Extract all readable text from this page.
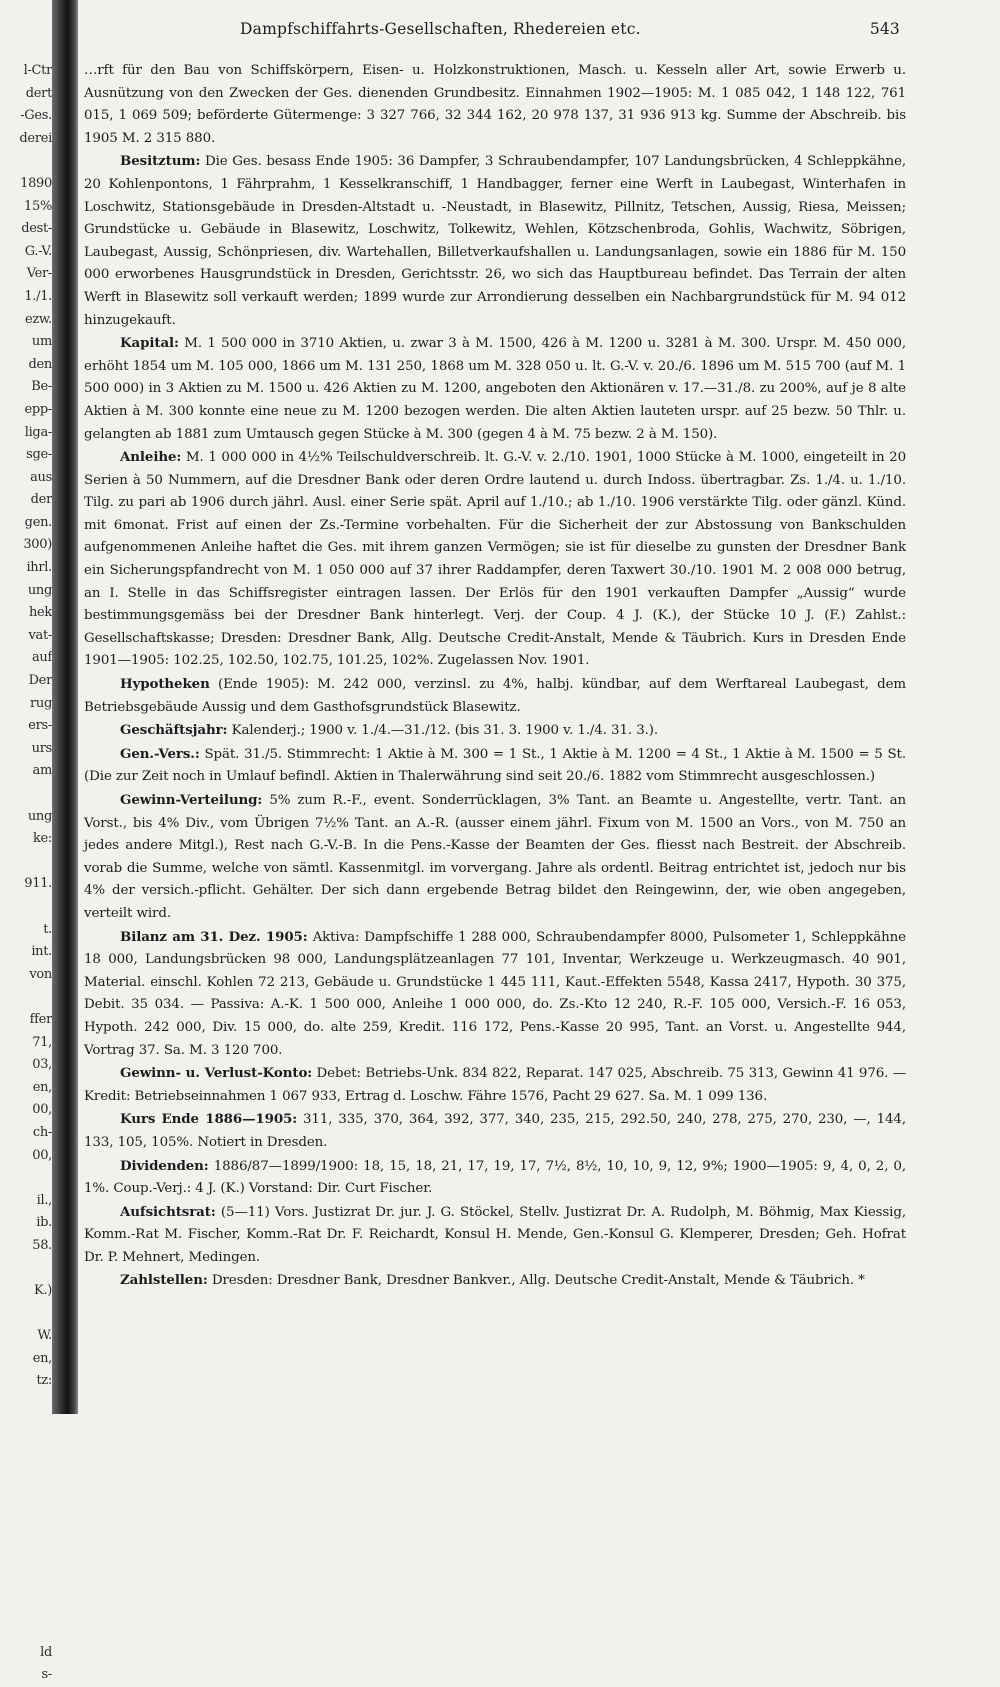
l-Ctr
dert
-Ges.
derei
1890
15%
dest-
G.-V.
Ver-
1./1.
ezw.
um
den
Be-
epp-
liga-
sge-
aus
der
gen.
300)
ihrl.
ung
hek
vat-
auf
Der
rug
ers-
urs
am
ung
ke:
911.
t.
int.
von
ffer
71,
03,
en,
00,
ch-
00,
il.,
ib.
58.
K.)
W.
en,
tz:
ld
s-
Dampfschiffahrts-Gesellschaften, Rhedereien etc.	543

…rft für den Bau von Schiffskörpern, Eisen- u. Holzkonstruktionen, Masch. u. Kesseln aller Art, sowie Erwerb u. Ausnützung von den Zwecken der Ges. dienenden Grundbesitz. Einnahmen 1902—1905: M. 1 085 042, 1 148 122, 761 015, 1 069 509; beförderte Gütermenge: 3 327 766, 32 344 162, 20 978 137, 31 936 913 kg. Summe der Abschreib. bis 1905 M. 2 315 880.

Besitztum: Die Ges. besass Ende 1905: 36 Dampfer, 3 Schraubendampfer, 107 Landungsbrücken, 4 Schleppkähne, 20 Kohlenpontons, 1 Fährprahm, 1 Kesselkranschiff, 1 Handbagger, ferner eine Werft in Laubegast, Winterhafen in Loschwitz, Stationsgebäude in Dresden-Altstadt u. -Neustadt, in Blasewitz, Pillnitz, Tetschen, Aussig, Riesa, Meissen; Grundstücke u. Gebäude in Blasewitz, Loschwitz, Tolkewitz, Wehlen, Kötzschenbroda, Gohlis, Wachwitz, Söbrigen, Laubegast, Aussig, Schönpriesen, div. Wartehallen, Billetverkaufshallen u. Landungsanlagen, sowie ein 1886 für M. 150 000 erworbenes Hausgrundstück in Dresden, Gerichtsstr. 26, wo sich das Hauptbureau befindet. Das Terrain der alten Werft in Blasewitz soll verkauft werden; 1899 wurde zur Arrondierung desselben ein Nachbargrundstück für M. 94 012 hinzugekauft.

Kapital: M. 1 500 000 in 3710 Aktien, u. zwar 3 à M. 1500, 426 à M. 1200 u. 3281 à M. 300. Urspr. M. 450 000, erhöht 1854 um M. 105 000, 1866 um M. 131 250, 1868 um M. 328 050 u. lt. G.-V. v. 20./6. 1896 um M. 515 700 (auf M. 1 500 000) in 3 Aktien zu M. 1500 u. 426 Aktien zu M. 1200, angeboten den Aktionären v. 17.—31./8. zu 200%, auf je 8 alte Aktien à M. 300 konnte eine neue zu M. 1200 bezogen werden. Die alten Aktien lauteten urspr. auf 25 bezw. 50 Thlr. u. gelangten ab 1881 zum Umtausch gegen Stücke à M. 300 (gegen 4 à M. 75 bezw. 2 à M. 150).

Anleihe: M. 1 000 000 in 4½% Teilschuldverschreib. lt. G.-V. v. 2./10. 1901, 1000 Stücke à M. 1000, eingeteilt in 20 Serien à 50 Nummern, auf die Dresdner Bank oder deren Ordre lautend u. durch Indoss. übertragbar. Zs. 1./4. u. 1./10. Tilg. zu pari ab 1906 durch jährl. Ausl. einer Serie spät. April auf 1./10.; ab 1./10. 1906 verstärkte Tilg. oder gänzl. Künd. mit 6monat. Frist auf einen der Zs.-Termine vorbehalten. Für die Sicherheit der zur Abstossung von Bankschulden aufgenommenen Anleihe haftet die Ges. mit ihrem ganzen Vermögen; sie ist für dieselbe zu gunsten der Dresdner Bank ein Sicherungspfandrecht von M. 1 050 000 auf 37 ihrer Raddampfer, deren Taxwert 30./10. 1901 M. 2 008 000 betrug, an I. Stelle in das Schiffsregister eintragen lassen. Der Erlös für den 1901 verkauften Dampfer „Aussig“ wurde bestimmungsgemäss bei der Dresdner Bank hinterlegt. Verj. der Coup. 4 J. (K.), der Stücke 10 J. (F.) Zahlst.: Gesellschaftskasse; Dresden: Dresdner Bank, Allg. Deutsche Credit-Anstalt, Mende & Täubrich. Kurs in Dresden Ende 1901—1905: 102.25, 102.50, 102.75, 101.25, 102%. Zugelassen Nov. 1901.

Hypotheken (Ende 1905): M. 242 000, verzinsl. zu 4%, halbj. kündbar, auf dem Werftareal Laubegast, dem Betriebsgebäude Aussig und dem Gasthofsgrundstück Blasewitz.

Geschäftsjahr: Kalenderj.; 1900 v. 1./4.—31./12. (bis 31. 3. 1900 v. 1./4. 31. 3.).

Gen.-Vers.: Spät. 31./5. Stimmrecht: 1 Aktie à M. 300 = 1 St., 1 Aktie à M. 1200 = 4 St., 1 Aktie à M. 1500 = 5 St. (Die zur Zeit noch in Umlauf befindl. Aktien in Thalerwährung sind seit 20./6. 1882 vom Stimmrecht ausgeschlossen.)

Gewinn-Verteilung: 5% zum R.-F., event. Sonderrücklagen, 3% Tant. an Beamte u. Angestellte, vertr. Tant. an Vorst., bis 4% Div., vom Übrigen 7½% Tant. an A.-R. (ausser einem jährl. Fixum von M. 1500 an Vors., von M. 750 an jedes andere Mitgl.), Rest nach G.-V.-B. In die Pens.-Kasse der Beamten der Ges. fliesst nach Bestreit. der Abschreib. vorab die Summe, welche von sämtl. Kassenmitgl. im vorvergang. Jahre als ordentl. Beitrag entrichtet ist, jedoch nur bis 4% der versich.-pflicht. Gehälter. Der sich dann ergebende Betrag bildet den Reingewinn, der, wie oben angegeben, verteilt wird.

Bilanz am 31. Dez. 1905: Aktiva: Dampfschiffe 1 288 000, Schraubendampfer 8000, Pulsometer 1, Schleppkähne 18 000, Landungsbrücken 98 000, Landungsplätzeanlagen 77 101, Inventar, Werkzeuge u. Werkzeugmasch. 40 901, Material. einschl. Kohlen 72 213, Gebäude u. Grundstücke 1 445 111, Kaut.-Effekten 5548, Kassa 2417, Hypoth. 30 375, Debit. 35 034. — Passiva: A.-K. 1 500 000, Anleihe 1 000 000, do. Zs.-Kto 12 240, R.-F. 105 000, Versich.-F. 16 053, Hypoth. 242 000, Div. 15 000, do. alte 259, Kredit. 116 172, Pens.-Kasse 20 995, Tant. an Vorst. u. Angestellte 944, Vortrag 37. Sa. M. 3 120 700.

Gewinn- u. Verlust-Konto: Debet: Betriebs-Unk. 834 822, Reparat. 147 025, Abschreib. 75 313, Gewinn 41 976. — Kredit: Betriebseinnahmen 1 067 933, Ertrag d. Loschw. Fähre 1576, Pacht 29 627. Sa. M. 1 099 136.

Kurs Ende 1886—1905: 311, 335, 370, 364, 392, 377, 340, 235, 215, 292.50, 240, 278, 275, 270, 230, —, 144, 133, 105, 105%. Notiert in Dresden.

Dividenden: 1886/87—1899/1900: 18, 15, 18, 21, 17, 19, 17, 7½, 8½, 10, 10, 9, 12, 9%; 1900—1905: 9, 4, 0, 2, 0, 1%. Coup.-Verj.: 4 J. (K.) Vorstand: Dir. Curt Fischer.

Aufsichtsrat: (5—11) Vors. Justizrat Dr. jur. J. G. Stöckel, Stellv. Justizrat Dr. A. Rudolph, M. Böhmig, Max Kiessig, Komm.-Rat M. Fischer, Komm.-Rat Dr. F. Reichardt, Konsul H. Mende, Gen.-Konsul G. Klemperer, Dresden; Geh. Hofrat Dr. P. Mehnert, Medingen.

Zahlstellen: Dresden: Dresdner Bank, Dresdner Bankver., Allg. Deutsche Credit-Anstalt, Mende & Täubrich. *
